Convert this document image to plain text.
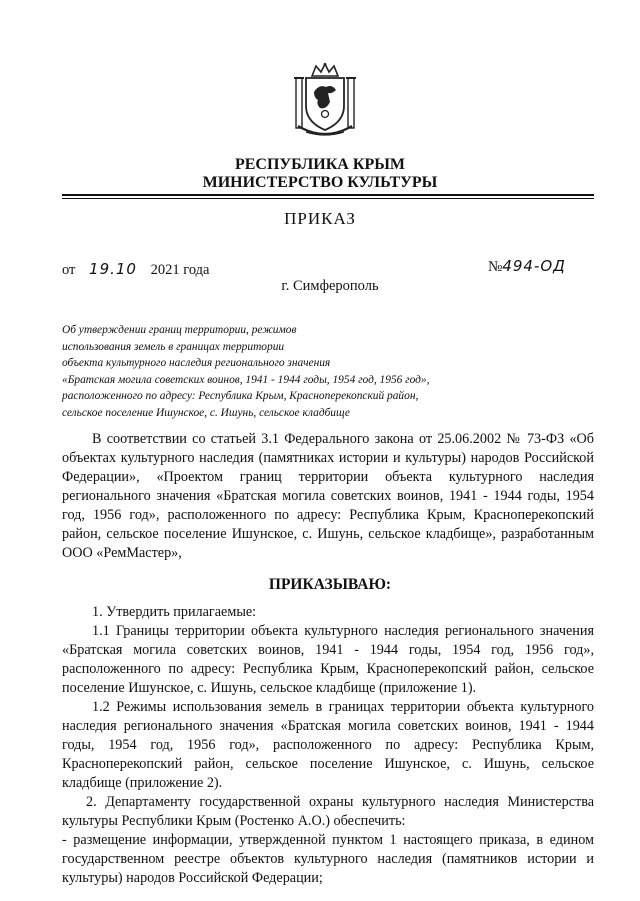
РЕСПУБЛИКА КРЫМ
МИНИСТЕРСТВО КУЛЬТУРЫ
ПРИКАЗ
от 19.10 2021 года	№494-ОД
г. Симферополь
Об утверждении границ территории, режимов
использования земель в границах территории
объекта культурного наследия регионального значения
«Братская могила советских воинов, 1941 - 1944 годы, 1954 год, 1956 год»,
расположенного по адресу: Республика Крым, Красноперекопский район,
сельское поселение Ишунское, с. Ишунь, сельское кладбище
В соответствии со статьей 3.1 Федерального закона от 25.06.2002 № 73-ФЗ «Об объектах культурного наследия (памятниках истории и культуры) народов Российской Федерации», «Проектом границ территории объекта культурного наследия регионального значения «Братская могила советских воинов, 1941 - 1944 годы, 1954 год, 1956 год», расположенного по адресу: Республика Крым, Красноперекопский район, сельское поселение Ишунское, с. Ишунь, сельское кладбище», разработанным ООО «РемМастер»,
ПРИКАЗЫВАЮ:

1. Утвердить прилагаемые:

1.1 Границы территории объекта культурного наследия регионального значения «Братская могила советских воинов, 1941 - 1944 годы, 1954 год, 1956 год», расположенного по адресу: Республика Крым, Красноперекопский район, сельское поселение Ишунское, с. Ишунь, сельское кладбище (приложение 1).

1.2 Режимы использования земель в границах территории объекта культурного наследия регионального значения «Братская могила советских воинов, 1941 - 1944 годы, 1954 год, 1956 год», расположенного по адресу: Республика Крым, Красноперекопский район, сельское поселение Ишунское, с. Ишунь, сельское кладбище (приложение 2).

2. Департаменту государственной охраны культурного наследия Министерства культуры Республики Крым (Ростенко А.О.) обеспечить:

- размещение информации, утвержденной пунктом 1 настоящего приказа, в едином государственном реестре объектов культурного наследия (памятников истории и культуры) народов Российской Федерации;
